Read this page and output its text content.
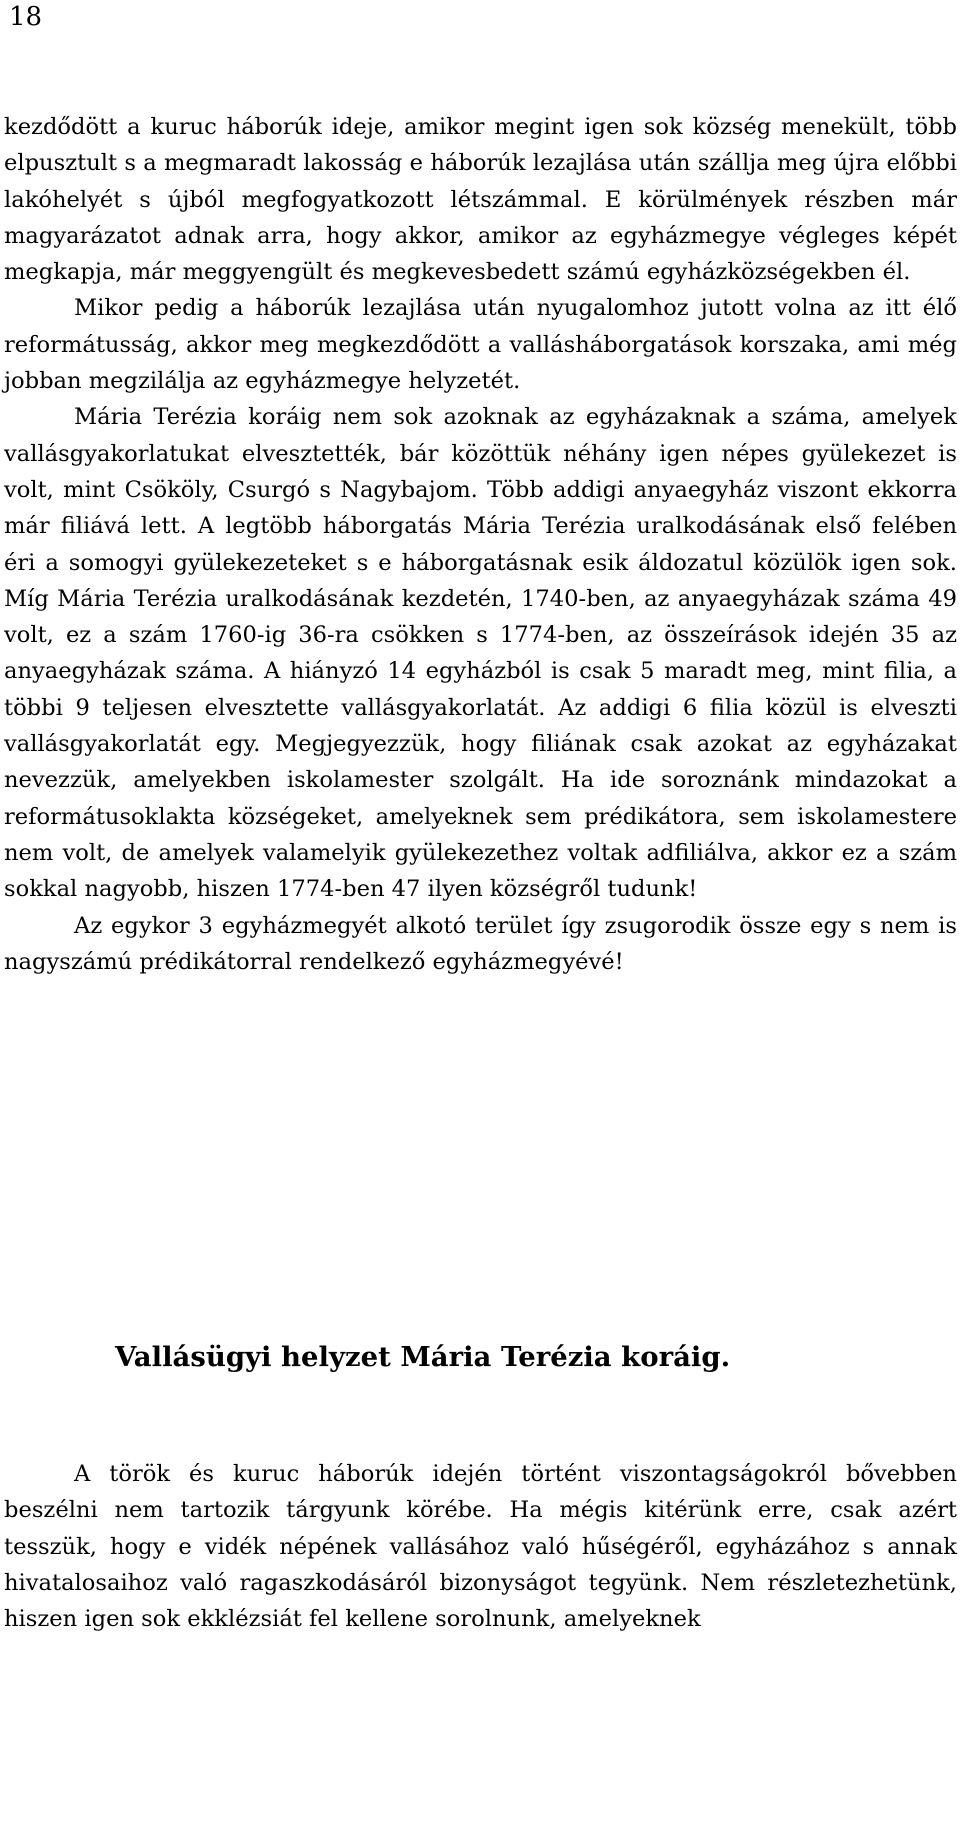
18

kezdődött a kuruc háborúk ideje, amikor megint igen sok község menekült, több elpusztult s a megmaradt lakosság e háborúk lezajlása után szállja meg újra előbbi lakóhelyét s újból megfogyatkozott létszámmal. E körülmények részben már magyarázatot adnak arra, hogy akkor, amikor az egyházmegye végleges képét megkapja, már meggyengült és megkevesbedett számú egyházközségekben él.

Mikor pedig a háborúk lezajlása után nyugalomhoz jutott volna az itt élő reformátusság, akkor meg megkezdődött a vallásháborgatások korszaka, ami még jobban megzilálja az egyházmegye helyzetét.

Mária Terézia koráig nem sok azoknak az egyházaknak a száma, amelyek vallásgyakorlatukat elvesztették, bár közöttük néhány igen népes gyülekezet is volt, mint Csököly, Csurgó s Nagybajom. Több addigi anyaegyház viszont ekkorra már filiává lett. A legtöbb háborgatás Mária Terézia uralkodásának első felében éri a somogyi gyülekezeteket s e háborgatásnak esik áldozatul közülök igen sok. Míg Mária Terézia uralkodásának kezdetén, 1740-ben, az anyaegyházak száma 49 volt, ez a szám 1760-ig 36-ra csökken s 1774-ben, az összeírások idején 35 az anyaegyházak száma. A hiányzó 14 egyházból is csak 5 maradt meg, mint filia, a többi 9 teljesen elvesztette vallásgyakorlatát. Az addigi 6 filia közül is elveszti vallásgyakorlatát egy. Megjegyezzük, hogy filiának csak azokat az egyházakat nevezzük, amelyekben iskolamester szolgált. Ha ide soroznánk mindazokat a reformátusoklakta községeket, amelyeknek sem prédikátora, sem iskolamestere nem volt, de amelyek valamelyik gyülekezethez voltak adfiliálva, akkor ez a szám sokkal nagyobb, hiszen 1774-ben 47 ilyen községről tudunk!

Az egykor 3 egyházmegyét alkotó terület így zsugorodik össze egy s nem is nagyszámú prédikátorral rendelkező egyházmegyévé!

Vallásügyi helyzet Mária Terézia koráig.

A török és kuruc háborúk idején történt viszontagságokról bővebben beszélni nem tartozik tárgyunk körébe. Ha mégis kitérünk erre, csak azért tesszük, hogy e vidék népének vallásához való hűségéről, egyházához s annak hivatalosaihoz való ragaszkodásáról bizonyságot tegyünk. Nem részletezhetünk, hiszen igen sok ekklézsiát fel kellene sorolnunk, amelyeknek
